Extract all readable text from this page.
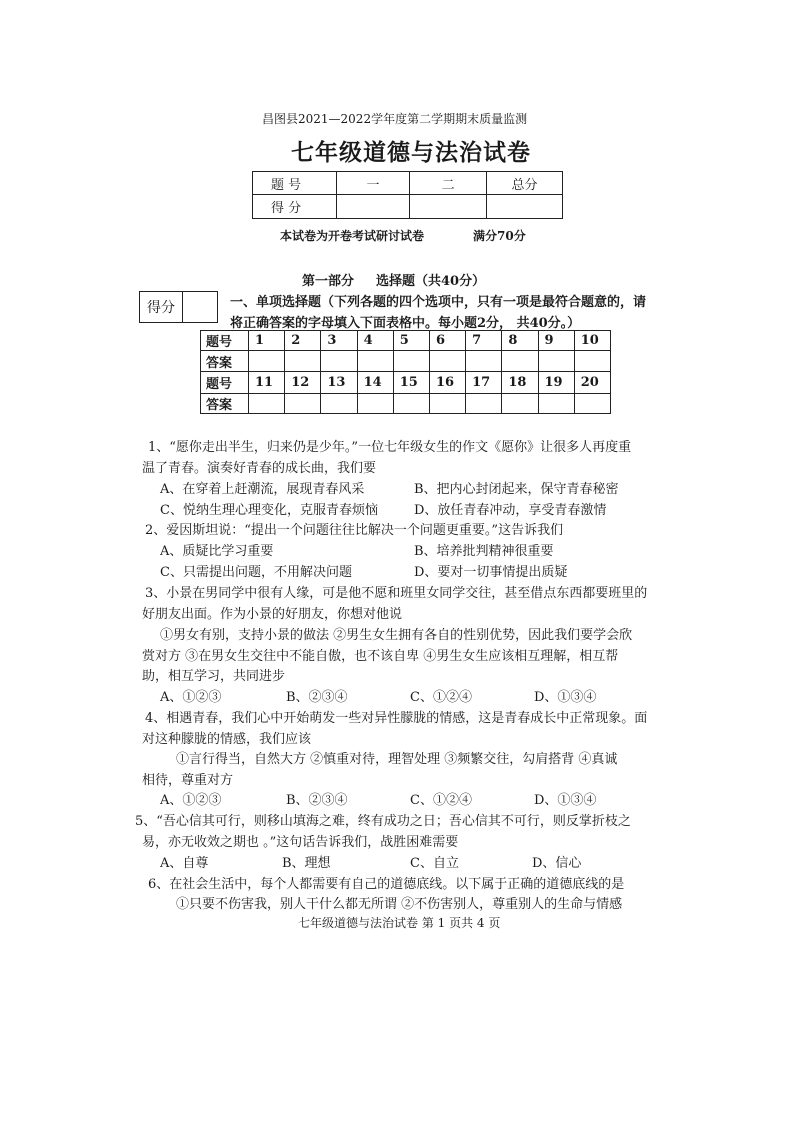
昌图县2021—2022学年度第二学期期末质量监测
七年级道德与法治试卷
题 号	一	二	总分
得 分			
本试卷为开卷考试研讨试卷	满分70分
第一部分 选择题（共40分）
得分	一、单项选择题（下列各题的四个选项中，只有一项是最符合题意的，请
将正确答案的字母填入下面表格中。每小题2分， 共40分。）
题号	1	2	3	4	5	6	7	8	9	10
答案										
题号	11	12	13	14	15	16	17	18	19	20
答案										
1、“愿你走出半生，归来仍是少年。”一位七年级女生的作文《愿你》让很多人再度重
温了青春。演奏好青春的成长曲，我们要
A、在穿着上赶潮流，展现青春风采	B、把内心封闭起来，保守青春秘密
C、悦纳生理心理变化，克服青春烦恼	D、放任青春冲动，享受青春激情
2、爱因斯坦说：“提出一个问题往往比解决一个问题更重要。”这告诉我们
A、质疑比学习重要	B、培养批判精神很重要
C、只需提出问题，不用解决问题	D、要对一切事情提出质疑
3、小景在男同学中很有人缘，可是他不愿和班里女同学交往，甚至借点东西都要班里的
好朋友出面。作为小景的好朋友，你想对他说
①男女有别，支持小景的做法 ②男生女生拥有各自的性别优势，因此我们要学会欣
赏对方 ③在男女生交往中不能自傲，也不该自卑 ④男生女生应该相互理解，相互帮
助，相互学习，共同进步
A、①②③	B、②③④	C、①②④	D、①③④
4、相遇青春，我们心中开始萌发一些对异性朦胧的情感，这是青春成长中正常现象。面
对这种朦胧的情感，我们应该
①言行得当，自然大方 ②慎重对待，理智处理 ③频繁交往，勾肩搭背 ④真诚
相待，尊重对方
A、①②③	B、②③④	C、①②④	D、①③④
5、“吾心信其可行，则移山填海之难，终有成功之日；吾心信其不可行，则反掌折枝之
易，亦无收效之期也 。”这句话告诉我们，战胜困难需要
A、自尊	B、理想	C、自立	D、信心
6、在社会生活中，每个人都需要有自己的道德底线。以下属于正确的道德底线的是
①只要不伤害我，别人干什么都无所谓 ②不伤害别人，尊重别人的生命与情感
七年级道德与法治试卷 第 1 页共 4 页
